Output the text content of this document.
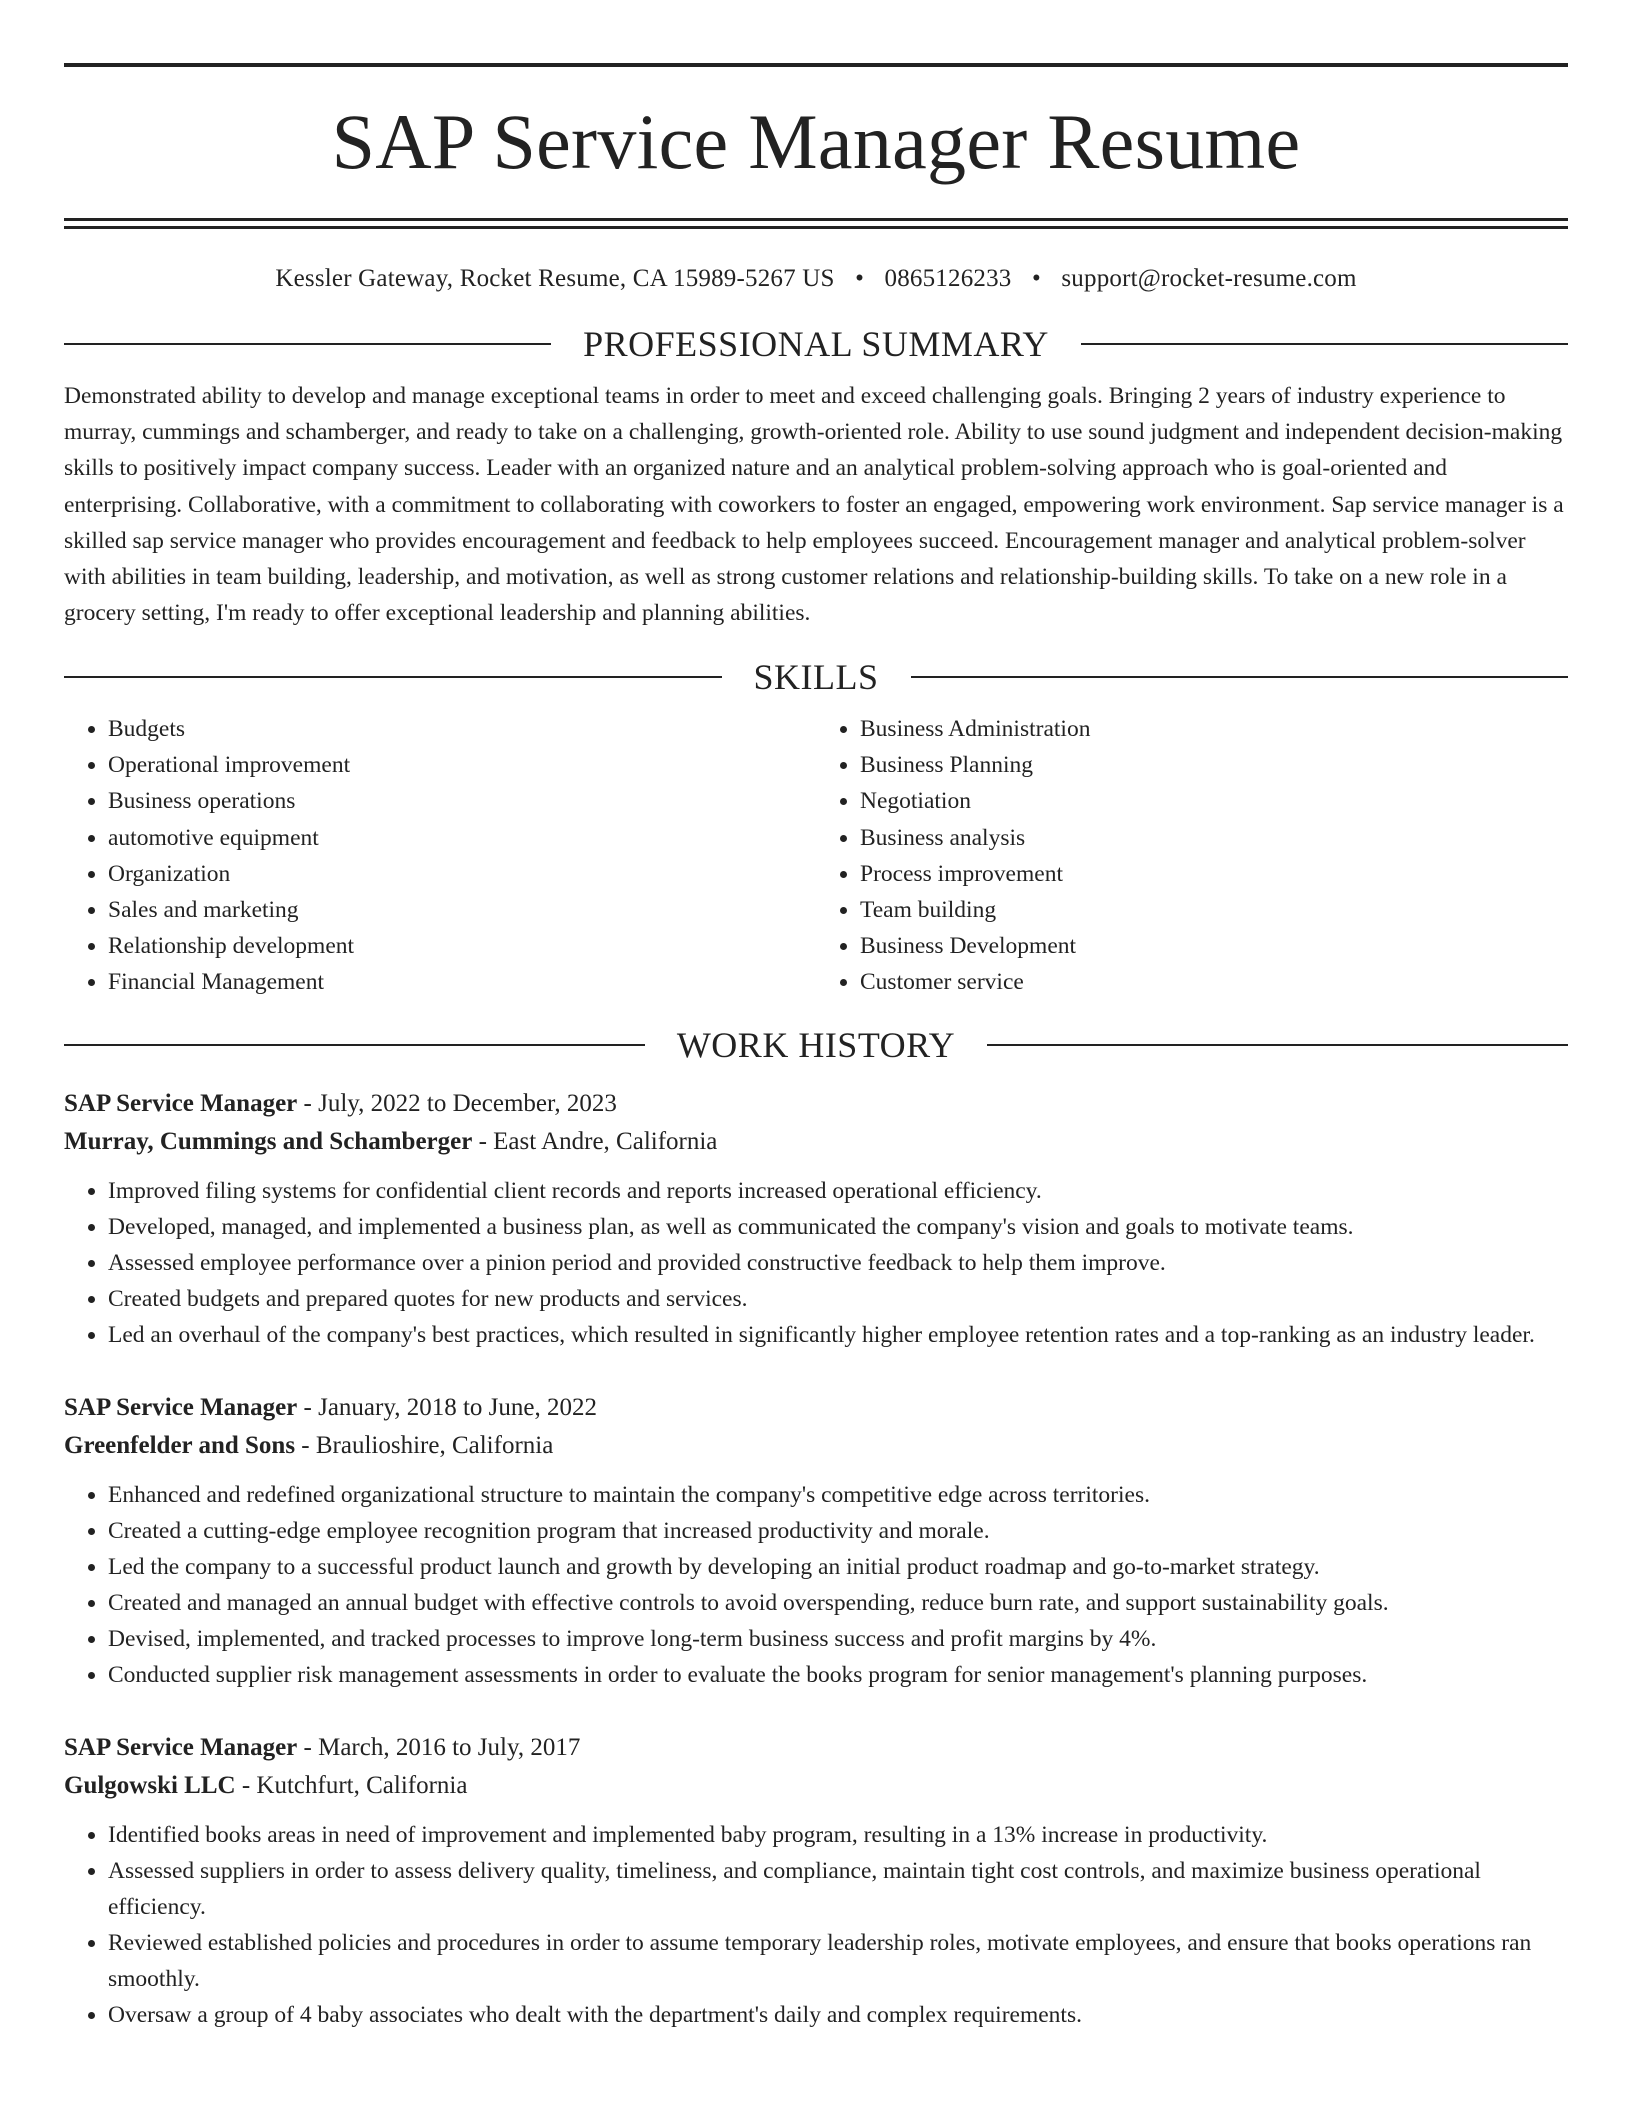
SAP Service Manager Resume
Kessler Gateway, Rocket Resume, CA 15989-5267 US • 0865126233 • support@rocket-resume.com
PROFESSIONAL SUMMARY

Demonstrated ability to develop and manage exceptional teams in order to meet and exceed challenging goals. Bringing 2 years of industry experience to murray, cummings and schamberger, and ready to take on a challenging, growth-oriented role. Ability to use sound judgment and independent decision-making skills to positively impact company success. Leader with an organized nature and an analytical problem-solving approach who is goal-oriented and enterprising. Collaborative, with a commitment to collaborating with coworkers to foster an engaged, empowering work environment. Sap service manager is a skilled sap service manager who provides encouragement and feedback to help employees succeed. Encouragement manager and analytical problem-solver with abilities in team building, leadership, and motivation, as well as strong customer relations and relationship-building skills. To take on a new role in a grocery setting, I'm ready to offer exceptional leadership and planning abilities.

SKILLS
• Budgets
• Operational improvement
• Business operations
• automotive equipment
• Organization
• Sales and marketing
• Relationship development
• Financial Management
• Business Administration
• Business Planning
• Negotiation
• Business analysis
• Process improvement
• Team building
• Business Development
• Customer service
WORK HISTORY
SAP Service Manager - July, 2022 to December, 2023
Murray, Cummings and Schamberger - East Andre, California
• Improved filing systems for confidential client records and reports increased operational efficiency.
• Developed, managed, and implemented a business plan, as well as communicated the company's vision and goals to motivate teams.
• Assessed employee performance over a pinion period and provided constructive feedback to help them improve.
• Created budgets and prepared quotes for new products and services.
• Led an overhaul of the company's best practices, which resulted in significantly higher employee retention rates and a top-ranking as an industry leader.
SAP Service Manager - January, 2018 to June, 2022
Greenfelder and Sons - Braulioshire, California
• Enhanced and redefined organizational structure to maintain the company's competitive edge across territories.
• Created a cutting-edge employee recognition program that increased productivity and morale.
• Led the company to a successful product launch and growth by developing an initial product roadmap and go-to-market strategy.
• Created and managed an annual budget with effective controls to avoid overspending, reduce burn rate, and support sustainability goals.
• Devised, implemented, and tracked processes to improve long-term business success and profit margins by 4%.
• Conducted supplier risk management assessments in order to evaluate the books program for senior management's planning purposes.
SAP Service Manager - March, 2016 to July, 2017
Gulgowski LLC - Kutchfurt, California
• Identified books areas in need of improvement and implemented baby program, resulting in a 13% increase in productivity.
• Assessed suppliers in order to assess delivery quality, timeliness, and compliance, maintain tight cost controls, and maximize business operational efficiency.
• Reviewed established policies and procedures in order to assume temporary leadership roles, motivate employees, and ensure that books operations ran smoothly.
• Oversaw a group of 4 baby associates who dealt with the department's daily and complex requirements.
